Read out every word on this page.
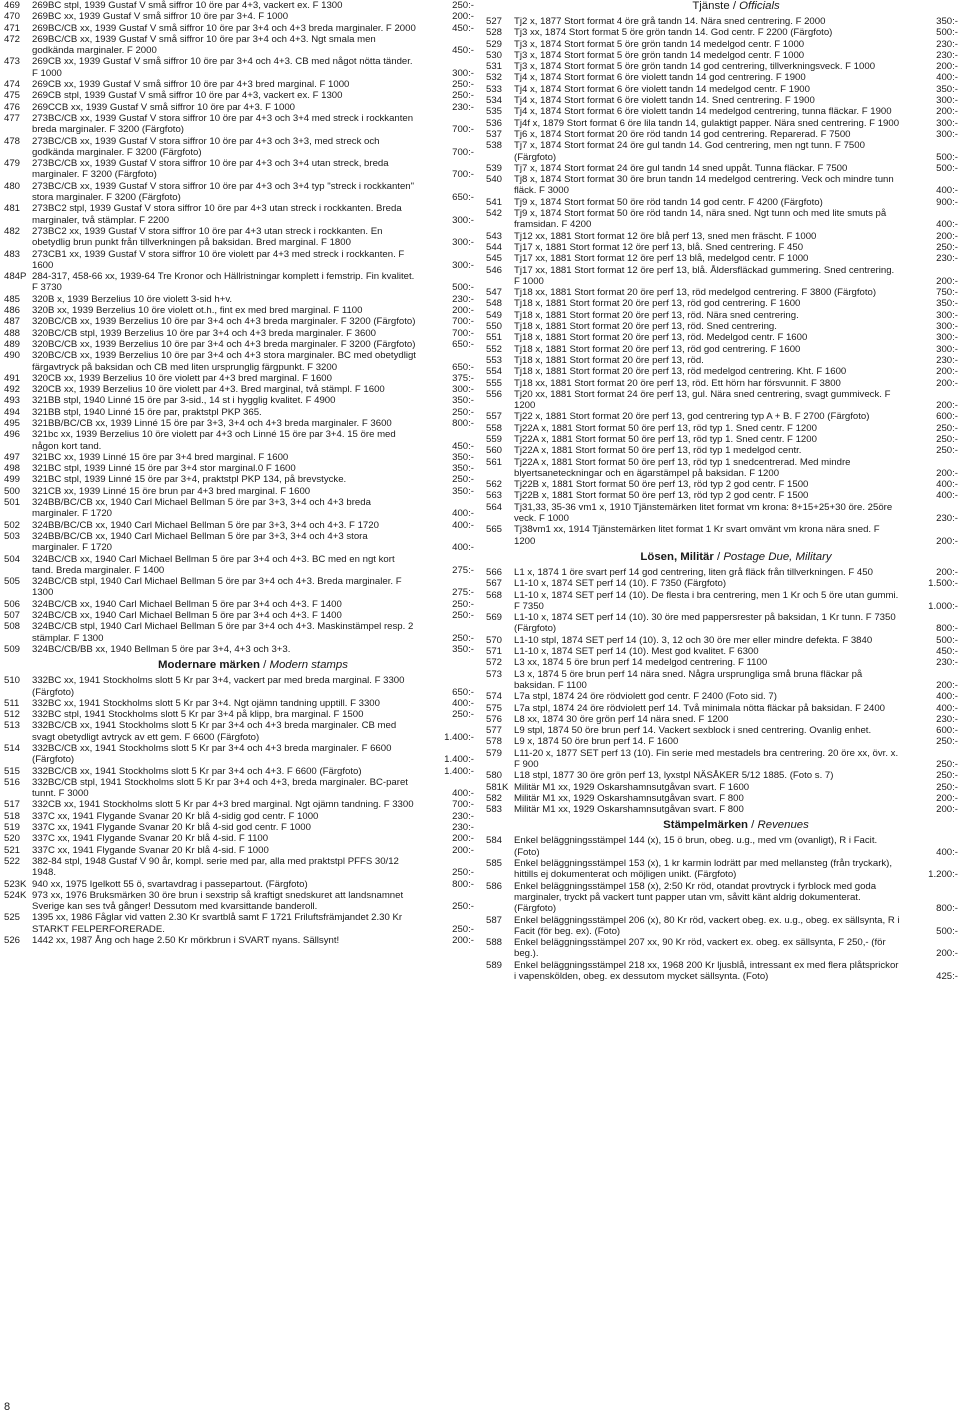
469	269BC stpl, 1939 Gustaf V små siffror 10 öre par 4+3, vackert ex. F 1300	250:-
470	269BC xx, 1939 Gustaf V små siffror 10 öre par 3+4. F 1000	200:-
471	269BC/CB xx, 1939 Gustaf V små siffror 10 öre par 3+4 och 4+3 breda marginaler. F 2000	450:-
472	269BC/CB xx, 1939 Gustaf V små siffror 10 öre par 3+4 och 4+3. Ngt smala men godkända marginaler. F 2000	450:-
473	269CB xx, 1939 Gustaf V små siffror 10 öre par 3+4 och 4+3. CB med något nötta tänder. F 1000	300:-
474	269CB xx, 1939 Gustaf V små siffror 10 öre par 4+3 bred marginal. F 1000	250:-
475	269CB stpl, 1939 Gustaf V små siffror 10 öre par 4+3, vackert ex. F 1300	250:-
476	269CCB xx, 1939 Gustaf V små siffror 10 öre par 4+3. F 1000	230:-
477	273BC/CB xx, 1939 Gustaf V stora siffror 10 öre par 4+3 och 3+4 med streck i rockkanten breda marginaler. F 3200 (Färgfoto)	700:-
478	273BC/CB xx, 1939 Gustaf V stora siffror 10 öre par 4+3 och 3+3, med streck och godkända marginaler. F 3200 (Färgfoto)	700:-
479	273BC/CB xx, 1939 Gustaf V stora siffror 10 öre par 4+3 och 3+4 utan streck, breda marginaler. F 3200 (Färgfoto)	700:-
480	273BC/CB xx, 1939 Gustaf V stora siffror 10 öre par 4+3 och 3+4 typ "streck i rockkanten" stora marginaler. F 3200 (Färgfoto)	650:-
481	273BC2 stpl, 1939 Gustaf V stora siffror 10 öre par 4+3 utan streck i rockkanten. Breda marginaler, två stämplar. F 2200	300:-
482	273BC2 xx, 1939 Gustaf V stora siffror 10 öre par 4+3 utan streck i rockkanten. En obetydlig brun punkt från tillverkningen på baksidan. Bred marginal. F 1800	300:-
483	273CB1 xx, 1939 Gustaf V stora siffror 10 öre violett par 4+3 med streck i rockkanten. F 1600	300:-
484P 284-317, 458-66 xx, 1939-64 Tre Kronor och Hällristningar komplett i femstrip. Fin kvalitet. F 3730	500:-
485	320B x, 1939 Berzelius 10 öre violett 3-sid h+v.	230:-
486	320B xx, 1939 Berzelius 10 öre violett ot.h., fint ex med bred marginal. F 1100	200:-
487	320BC/CB xx, 1939 Berzelius 10 öre par 3+4 och 4+3 breda marginaler. F 3200 (Färgfoto)	700:-
488	320BC/CB stpl, 1939 Berzelius 10 öre par 3+4 och 4+3 breda marginaler. F 3600	700:-
489	320BC/CB xx, 1939 Berzelius 10 öre par 3+4 och 4+3 breda marginaler. F 3200 (Färgfoto)	650:-
490	320BC/CB xx, 1939 Berzelius 10 öre par 3+4 och 4+3 stora marginaler. BC med obetydligt färgavtryck på baksidan och CB med liten ursprunglig färgpunkt. F 3200	650:-
491	320CB xx, 1939 Berzelius 10 öre violett par 4+3 bred marginal. F 1600	375:-
492	320CB xx, 1939 Berzelius 10 öre violett par 4+3. Bred marginal, två stämpl. F 1600	300:-
493	321BB stpl, 1940 Linné 15 öre par 3-sid., 14 st i hygglig kvalitet. F 4900	350:-
494	321BB stpl, 1940 Linné 15 öre par, praktstpl PKP 365.	250:-
495	321BB/BC/CB xx, 1939 Linné 15 öre par 3+3, 3+4 och 4+3 breda marginaler. F 3600	800:-
496	321bc xx, 1939 Berzelius 10 öre violett par 4+3 och Linné 15 öre par 3+4. 15 öre med någon kort tand.	450:-
497	321BC xx, 1939 Linné 15 öre par 3+4 bred marginal. F 1600	350:-
498	321BC stpl, 1939 Linné 15 öre par 3+4 stor marginal.0 F 1600	350:-
499	321BC stpl, 1939 Linné 15 öre par 3+4, praktstpl PKP 134, på brevstycke.	250:-
500	321CB xx, 1939 Linné 15 öre brun par 4+3 bred marginal. F 1600	350:-
501	324BB/BC/CB xx, 1940 Carl Michael Bellman 5 öre par 3+3, 3+4 och 4+3 breda marginaler. F 1720	400:-
502	324BB/BC/CB xx, 1940 Carl Michael Bellman 5 öre par 3+3, 3+4 och 4+3. F 1720	400:-
503	324BB/BC/CB xx, 1940 Carl Michael Bellman 5 öre par 3+3, 3+4 och 4+3 stora marginaler. F 1720	400:-
504	324BC/CB xx, 1940 Carl Michael Bellman 5 öre par 3+4 och 4+3. BC med en ngt kort tand. Breda marginaler. F 1400	275:-
505	324BC/CB stpl, 1940 Carl Michael Bellman 5 öre par 3+4 och 4+3. Breda marginaler. F 1300	275:-
506	324BC/CB xx, 1940 Carl Michael Bellman 5 öre par 3+4 och 4+3. F 1400	250:-
507	324BC/CB xx, 1940 Carl Michael Bellman 5 öre par 3+4 och 4+3. F 1400	250:-
508	324BC/CB stpl, 1940 Carl Michael Bellman 5 öre par 3+4 och 4+3. Maskinstämpel resp. 2 stämplar. F 1300	250:-
509	324BC/CB/BB xx, 1940 Bellman 5 öre par 3+4, 4+3 och 3+3.	350:-
Modernare märken / Modern stamps
510	332BC xx, 1941 Stockholms slott 5 Kr par 3+4, vackert par med breda marginal. F 3300 (Färgfoto)	650:-
511	332BC xx, 1941 Stockholms slott 5 Kr par 3+4. Ngt ojämn tandning upptill. F 3300	400:-
512	332BC stpl, 1941 Stockholms slott 5 Kr par 3+4 på klipp, bra marginal. F 1500	250:-
513	332BC/CB xx, 1941 Stockholms slott 5 Kr par 3+4 och 4+3 breda marginaler. CB med svagt obetydligt avtryck av ett gem. F 6600 (Färgfoto)	1.400:-
514	332BC/CB xx, 1941 Stockholms slott 5 Kr par 3+4 och 4+3 breda marginaler. F 6600 (Färgfoto)	1.400:-
515	332BC/CB xx, 1941 Stockholms slott 5 Kr par 3+4 och 4+3. F 6600 (Färgfoto)	1.400:-
516	332BC/CB stpl, 1941 Stockholms slott 5 Kr par 3+4 och 4+3, breda marginaler. BC-paret tunnt. F 3000	400:-
517	332CB xx, 1941 Stockholms slott 5 Kr par 4+3 bred marginal. Ngt ojämn tandning. F 3300	700:-
518	337C xx, 1941 Flygande Svanar 20 Kr blå 4-sidig god centr. F 1000	230:-
519	337C xx, 1941 Flygande Svanar 20 Kr blå 4-sid god centr. F 1000	230:-
520	337C xx, 1941 Flygande Svanar 20 Kr blå 4-sid. F 1100	200:-
521	337C xx, 1941 Flygande Svanar 20 Kr blå 4-sid. F 1000	200:-
522	382-84 stpl, 1948 Gustaf V 90 år, kompl. serie med par, alla med praktstpl PFFS 30/12 1948.	250:-
523K 940 xx, 1975 Igelkott 55 ö, svartavdrag i passepartout. (Färgfoto)	800:-
524K 973 xx, 1976 Bruksmärken 30 öre brun i sexstrip så kraftigt snedskuret att landsnamnet Sverige kan ses två gånger! Dessutom med kvarsittande banderoll.	250:-
525	1395 xx, 1986 Fåglar vid vatten 2.30 Kr svartblå samt F 1721 Friluftsfrämjandet 2.30 Kr STARKT FELPERFORERADE.	250:-
526	1442 xx, 1987 Ång och hage 2.50 Kr mörkbrun i SVART nyans. Sällsynt!	200:-
Tjänste / Officials
527	Tj2 x, 1877 Stort format 4 öre grå tandn 14. Nära sned centrering. F 2000	350:-
528	Tj3 xx, 1874 Stort format 5 öre grön tandn 14. God centr. F 2200 (Färgfoto)	500:-
529	Tj3 x, 1874 Stort format 5 öre grön tandn 14 medelgod centr. F 1000	230:-
530	Tj3 x, 1874 Stort format 5 öre grön tandn 14 medelgod centr. F 1000	230:-
531	Tj3 x, 1874 Stort format 5 öre grön tandn 14 god centrering, tillverkningsveck. F 1000	200:-
532	Tj4 x, 1874 Stort format 6 öre violett tandn 14 god centrering. F 1900	400:-
533	Tj4 x, 1874 Stort format 6 öre violett tandn 14 medelgod centr. F 1900	350:-
534	Tj4 x, 1874 Stort format 6 öre violett tandn 14. Sned centrering. F 1900	300:-
535	Tj4 x, 1874 Stort format 6 öre violett tandn 14 medelgod centrering, tunna fläckar. F 1900	200:-
536	Tj4f x, 1879 Stort format 6 öre lila tandn 14, gulaktigt papper. Nära sned centrering. F 1900	300:-
537	Tj6 x, 1874 Stort format 20 öre röd tandn 14 god centrering. Reparerad. F 7500	300:-
538	Tj7 x, 1874 Stort format 24 öre gul tandn 14. God centrering, men ngt tunn. F 7500 (Färgfoto)	500:-
539	Tj7 x, 1874 Stort format 24 öre gul tandn 14 sned uppåt. Tunna fläckar. F 7500	500:-
540	Tj8 x, 1874 Stort format 30 öre brun tandn 14 medelgod centrering. Veck och mindre tunn fläck. F 3000	400:-
541	Tj9 x, 1874 Stort format 50 öre röd tandn 14 god centr. F 4200 (Färgfoto)	900:-
542	Tj9 x, 1874 Stort format 50 öre röd tandn 14, nära sned. Ngt tunn och med lite smuts på framsidan. F 4200	400:-
543	Tj12 xx, 1881 Stort format 12 öre blå perf 13, sned men fräscht. F 1000	200:-
544	Tj17 x, 1881 Stort format 12 öre perf 13, blå. Sned centrering. F 450	250:-
545	Tj17 xx, 1881 Stort format 12 öre perf 13 blå, medelgod centr. F 1000	230:-
546	Tj17 xx, 1881 Stort format 12 öre perf 13, blå. Åldersfläckad gummering. Sned centrering. F 1000	200:-
547	Tj18 xx, 1881 Stort format 20 öre perf 13, röd medelgod centrering. F 3800 (Färgfoto)	750:-
548	Tj18 x, 1881 Stort format 20 öre perf 13, röd god centrering. F 1600	350:-
549	Tj18 x, 1881 Stort format 20 öre perf 13, röd. Nära sned centrering.	300:-
550	Tj18 x, 1881 Stort format 20 öre perf 13, röd. Sned centrering.	300:-
551	Tj18 x, 1881 Stort format 20 öre perf 13, röd. Medelgod centr. F 1600	300:-
552	Tj18 x, 1881 Stort format 20 öre perf 13, röd god centrering. F 1600	300:-
553	Tj18 x, 1881 Stort format 20 öre perf 13, röd.	230:-
554	Tj18 x, 1881 Stort format 20 öre perf 13, röd medelgod centrering. Kht. F 1600	200:-
555	Tj18 xx, 1881 Stort format 20 öre perf 13, röd. Ett hörn har försvunnit. F 3800	200:-
556	Tj20 xx, 1881 Stort format 24 öre perf 13, gul. Nära sned centrering, svagt gummiveck. F 1200	200:-
557	Tj22 x, 1881 Stort format 20 öre perf 13, god centrering typ A + B. F 2700 (Färgfoto)	600:-
558	Tj22A x, 1881 Stort format 50 öre perf 13, röd typ 1. Sned centr. F 1200	250:-
559	Tj22A x, 1881 Stort format 50 öre perf 13, röd typ 1. Sned centr. F 1200	250:-
560	Tj22A x, 1881 Stort format 50 öre perf 13, röd typ 1 medelgod centr.	250:-
561	Tj22A x, 1881 Stort format 50 öre perf 13, röd typ 1 snedcentrerad. Med mindre blyertsaneteckningar och en ägarstämpel på baksidan. F 1200	200:-
562	Tj22B x, 1881 Stort format 50 öre perf 13, röd typ 2 god centr. F 1500	400:-
563	Tj22B x, 1881 Stort format 50 öre perf 13, röd typ 2 god centr. F 1500	400:-
564	Tj31,33, 35-36 vm1 x, 1910 Tjänstemärken litet format vm krona: 8+15+25+30 öre. 25öre veck. F 1000	230:-
565	Tj38vm1 xx, 1914 Tjänstemärken litet format 1 Kr svart omvänt vm krona nära sned. F 1200	200:-
Lösen, Militär / Postage Due, Military
566	L1 x, 1874 1 öre svart perf 14 god centrering, liten grå fläck från tillverkningen. F 450	200:-
567	L1-10 x, 1874 SET perf 14 (10). F 7350 (Färgfoto)	1.500:-
568	L1-10 x, 1874 SET perf 14 (10). De flesta i bra centrering, men 1 Kr och 5 öre utan gummi. F 7350	1.000:-
569	L1-10 x, 1874 SET perf 14 (10). 30 öre med pappersrester på baksidan, 1 Kr tunn. F 7350 (Färgfoto)	800:-
570	L1-10 stpl, 1874 SET perf 14 (10). 3, 12 och 30 öre mer eller mindre defekta. F 3840	500:-
571	L1-10 x, 1874 SET perf 14 (10). Mest god kvalitet. F 6300	450:-
572	L3 xx, 1874 5 öre brun perf 14 medelgod centrering. F 1100	230:-
573	L3 x, 1874 5 öre brun perf 14 nära sned. Några ursprungliga små bruna fläckar på baksidan. F 1100	200:-
574	L7a stpl, 1874 24 öre rödviolett god centr. F 2400 (Foto sid. 7)	400:-
575	L7a stpl, 1874 24 öre rödviolett perf 14. Två minimala nötta fläckar på baksidan. F 2400	400:-
576	L8 xx, 1874 30 öre grön perf 14 nära sned. F 1200	230:-
577	L9 stpl, 1874 50 öre brun perf 14. Vackert sexblock i sned centrering. Ovanlig enhet.	600:-
578	L9 x, 1874 50 öre brun perf 14. F 1600	250:-
579	L11-20 x, 1877 SET perf 13 (10). Fin serie med mestadels bra centrering. 20 öre xx, övr. x. F 900	250:-
580	L18 stpl, 1877 30 öre grön perf 13, lyxstpl NÄSÅKER 5/12 1885. (Foto s. 7)	250:-
581K Militär M1 xx, 1929 Oskarshamnsutgåvan svart. F 1600	250:-
582	Militär M1 xx, 1929 Oskarshamnsutgåvan svart. F 800	200:-
583	Militär M1 xx, 1929 Oskarshamnsutgåvan svart. F 800	200:-
Stämpelmärken / Revenues
584	Enkel beläggningsstämpel 144 (x), 15 ö brun, obeg. u.g., med vm (ovanligt), R i Facit. (Foto)	400:-
585	Enkel beläggningsstämpel 153 (x), 1 kr karmin lodrätt par med mellansteg (från tryckark), hittills ej dokumenterat och möjligen unikt. (Färgfoto)	1.200:-
586	Enkel beläggningsstämpel 158 (x), 2:50 Kr röd, otandat provtryck i fyrblock med goda marginaler, tryckt på vackert tunt papper utan vm, såvitt känt aldrig dokumenterat. (Färgfoto)	800:-
587	Enkel beläggningsstämpel 206 (x), 80 Kr röd, vackert obeg. ex. u.g., obeg. ex sällsynta, R i Facit (för beg. ex). (Foto)	500:-
588	Enkel beläggningsstämpel 207 xx, 90 Kr röd, vackert ex. obeg. ex sällsynta, F 250,- (för beg.).	200:-
589	Enkel beläggningsstämpel 218 xx, 1968 200 Kr ljusblå, intressant ex med flera plåtsprickor i vapenskölden, obeg. ex dessutom mycket sällsynta. (Foto)	425:-
8
